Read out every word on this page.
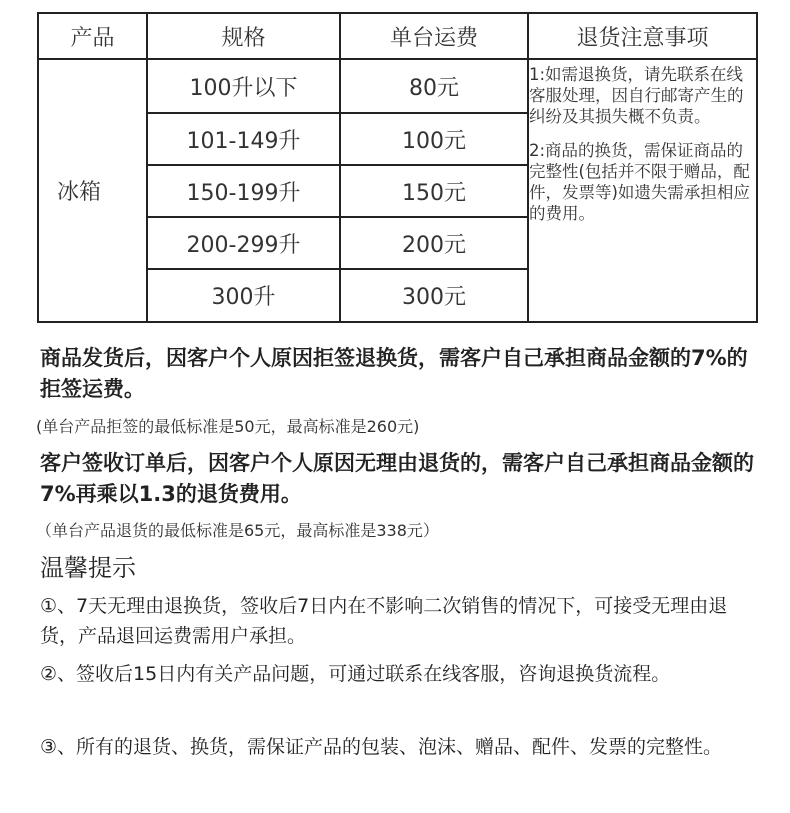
产品	规格	单台运费	退货注意事项
冰箱
100升以下	80元
101-149升	100元
150-199升	150元
200-299升	200元
300升	300元

1:如需退换货，请先联系在线客服处理，因自行邮寄产生的纠纷及其损失概不负责。

2:商品的换货，需保证商品的完整性(包括并不限于赠品，配件，发票等)如遗失需承担相应的费用。

商品发货后，因客户个人原因拒签退换货，需客户自己承担商品金额的7%的拒签运费。
(单台产品拒签的最低标准是50元，最高标准是260元)
客户签收订单后，因客户个人原因无理由退货的，需客户自己承担商品金额的7%再乘以1.3的退货费用。
（单台产品退货的最低标准是65元，最高标准是338元）
温馨提示
①、7天无理由退换货，签收后7日内在不影响二次销售的情况下，可接受无理由退货，产品退回运费需用户承担。
②、签收后15日内有关产品问题，可通过联系在线客服，咨询退换货流程。
③、所有的退货、换货，需保证产品的包装、泡沫、赠品、配件、发票的完整性。
